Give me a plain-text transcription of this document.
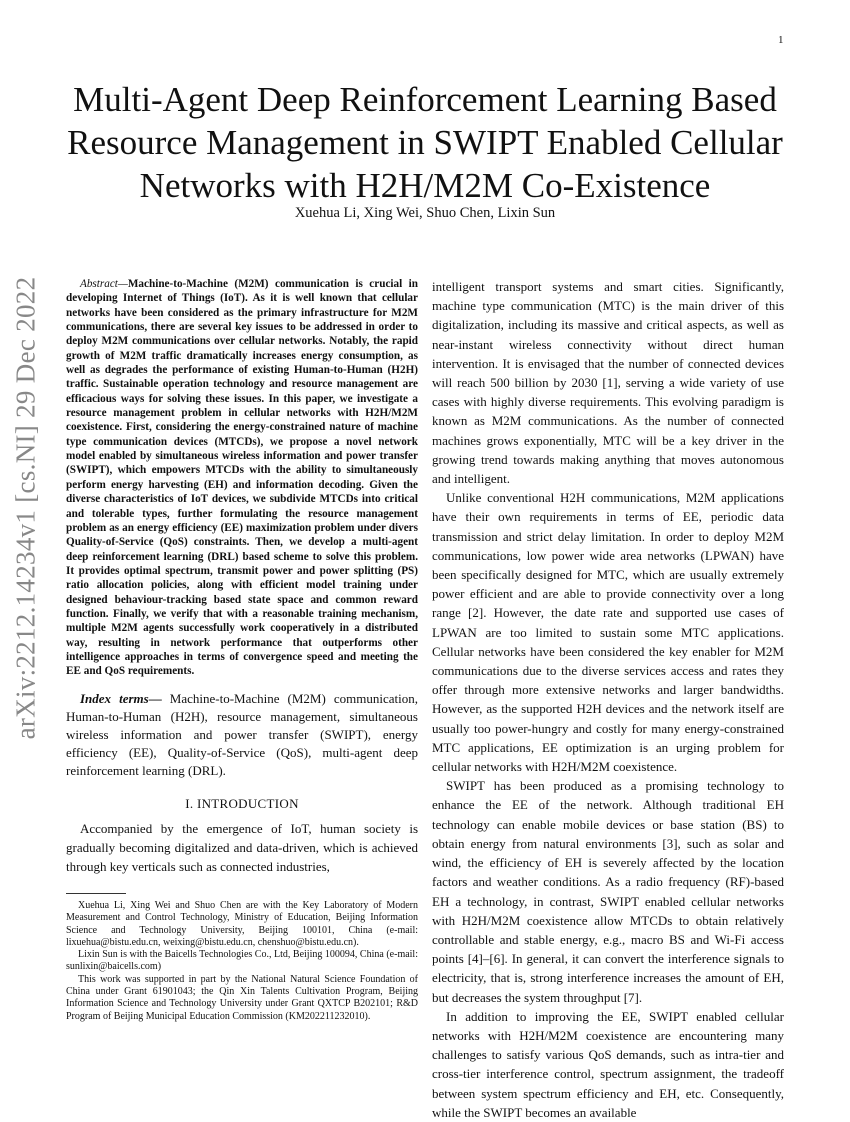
1
arXiv:2212.14234v1 [cs.NI] 29 Dec 2022
Multi-Agent Deep Reinforcement Learning Based Resource Management in SWIPT Enabled Cellular Networks with H2H/M2M Co-Existence
Xuehua Li, Xing Wei, Shuo Chen, Lixin Sun

Abstract—Machine-to-Machine (M2M) communication is crucial in developing Internet of Things (IoT). As it is well known that cellular networks have been considered as the primary infrastructure for M2M communications, there are several key issues to be addressed in order to deploy M2M communications over cellular networks. Notably, the rapid growth of M2M traffic dramatically increases energy consumption, as well as degrades the performance of existing Human-to-Human (H2H) traffic. Sustainable operation technology and resource management are efficacious ways for solving these issues. In this paper, we investigate a resource management problem in cellular networks with H2H/M2M coexistence. First, considering the energy-constrained nature of machine type communication devices (MTCDs), we propose a novel network model enabled by simultaneous wireless information and power transfer (SWIPT), which empowers MTCDs with the ability to simultaneously perform energy harvesting (EH) and information decoding. Given the diverse characteristics of IoT devices, we subdivide MTCDs into critical and tolerable types, further formulating the resource management problem as an energy efficiency (EE) maximization problem under divers Quality-of-Service (QoS) constraints. Then, we develop a multi-agent deep reinforcement learning (DRL) based scheme to solve this problem. It provides optimal spectrum, transmit power and power splitting (PS) ratio allocation policies, along with efficient model training under designed behaviour-tracking based state space and common reward function. Finally, we verify that with a reasonable training mechanism, multiple M2M agents successfully work cooperatively in a distributed way, resulting in network performance that outperforms other intelligence approaches in terms of convergence speed and meeting the EE and QoS requirements.

Index terms— Machine-to-Machine (M2M) communication, Human-to-Human (H2H), resource management, simultaneous wireless information and power transfer (SWIPT), energy efficiency (EE), Quality-of-Service (QoS), multi-agent deep reinforcement learning (DRL).

I. INTRODUCTION

Accompanied by the emergence of IoT, human society is gradually becoming digitalized and data-driven, which is achieved through key verticals such as connected industries,

Xuehua Li, Xing Wei and Shuo Chen are with the Key Laboratory of Modern Measurement and Control Technology, Ministry of Education, Beijing Information Science and Technology University, Beijing 100101, China (e-mail: lixuehua@bistu.edu.cn, weixing@bistu.edu.cn, chenshuo@bistu.edu.cn).

Lixin Sun is with the Baicells Technologies Co., Ltd, Beijing 100094, China (e-mail: sunlixin@baicells.com)

This work was supported in part by the National Natural Science Foundation of China under Grant 61901043; the Qin Xin Talents Cultivation Program, Beijing Information Science and Technology University under Grant QXTCP B202101; R&D Program of Beijing Municipal Education Commission (KM202211232010).

intelligent transport systems and smart cities. Significantly, machine type communication (MTC) is the main driver of this digitalization, including its massive and critical aspects, as well as near-instant wireless connectivity without direct human intervention. It is envisaged that the number of connected devices will reach 500 billion by 2030 [1], serving a wide variety of use cases with highly diverse requirements. This evolving paradigm is known as M2M communications. As the number of connected machines grows exponentially, MTC will be a key driver in the growing trend towards making anything that moves autonomous and intelligent.

Unlike conventional H2H communications, M2M applications have their own requirements in terms of EE, periodic data transmission and strict delay limitation. In order to deploy M2M communications, low power wide area networks (LPWAN) have been specifically designed for MTC, which are usually extremely power efficient and are able to provide connectivity over a long range [2]. However, the date rate and supported use cases of LPWAN are too limited to sustain some MTC applications. Cellular networks have been considered the key enabler for M2M communications due to the diverse services access and rates they offer through more extensive networks and larger bandwidths. However, as the supported H2H devices and the network itself are usually too power-hungry and costly for many energy-constrained MTC applications, EE optimization is an urging problem for cellular networks with H2H/M2M coexistence.

SWIPT has been produced as a promising technology to enhance the EE of the network. Although traditional EH technology can enable mobile devices or base station (BS) to obtain energy from natural environments [3], such as solar and wind, the efficiency of EH is severely affected by the location factors and weather conditions. As a radio frequency (RF)-based EH a technology, in contrast, SWIPT enabled cellular networks with H2H/M2M coexistence allow MTCDs to obtain relatively controllable and stable energy, e.g., macro BS and Wi-Fi access points [4]–[6]. In general, it can convert the interference signals to electricity, that is, strong interference increases the amount of EH, but decreases the system throughput [7].

In addition to improving the EE, SWIPT enabled cellular networks with H2H/M2M coexistence are encountering many challenges to satisfy various QoS demands, such as intra-tier and cross-tier interference control, spectrum assignment, the tradeoff between system spectrum efficiency and EH, etc. Consequently, while the SWIPT becomes an available
